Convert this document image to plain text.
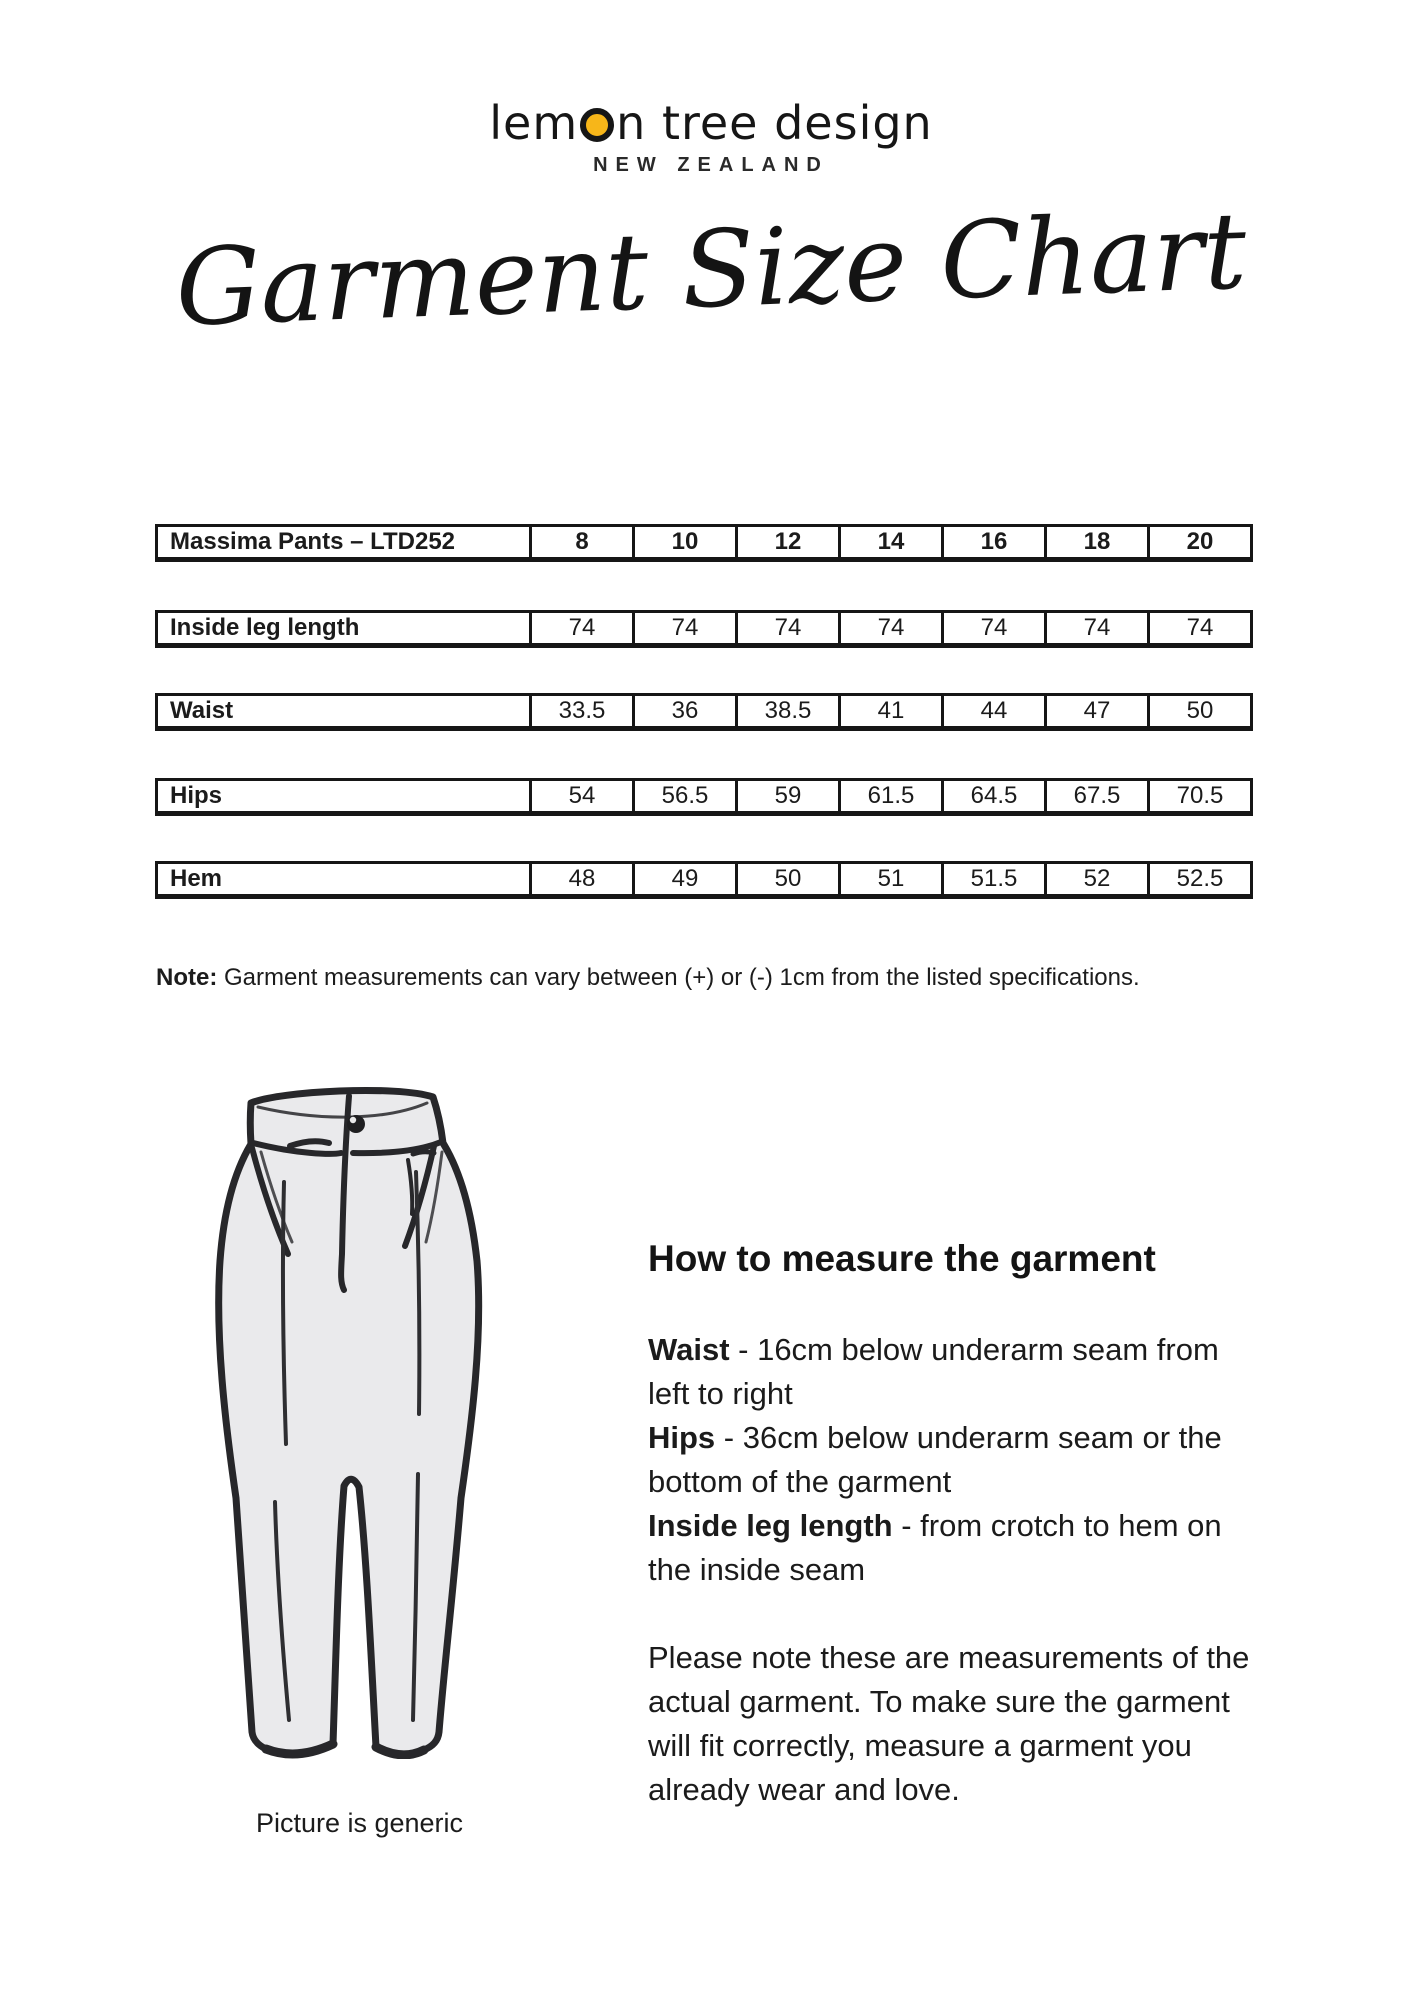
lem n tree design
NEW ZEALAND
Garment Size Chart
Massima Pants – LTD252	8	10	12	14	16	18	20
Inside leg length	74	74	74	74	74	74	74
Waist	33.5	36	38.5	41	44	47	50
Hips	54	56.5	59	61.5	64.5	67.5	70.5
Hem	48	49	50	51	51.5	52	52.5

Note: Garment measurements can vary between (+) or (-) 1cm from the listed specifications.

Picture is generic
How to measure the garment

Waist - 16cm below underarm seam from left to right

Hips - 36cm below underarm seam or the bottom of the garment

Inside leg length - from crotch to hem on the inside seam

Please note these are measurements of the actual garment. To make sure the garment will fit correctly, measure a garment you already wear and love.
